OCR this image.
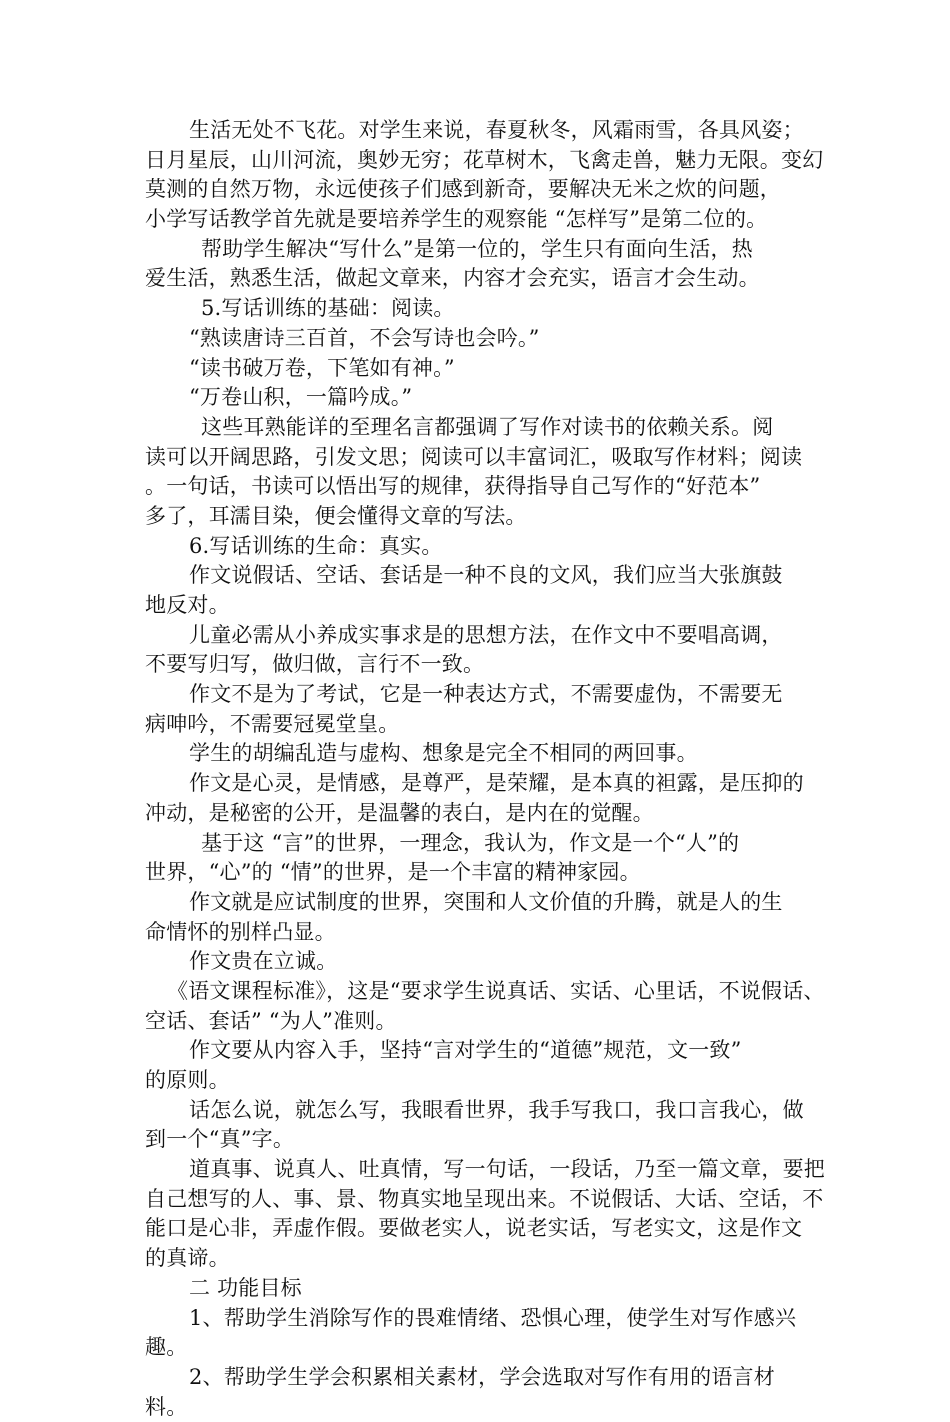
生活无处不飞花。对学生来说，春夏秋冬，风霜雨雪，各具风姿；
日月星辰，山川河流，奥妙无穷；花草树木，飞禽走兽，魅力无限。变幻
莫测的自然万物，永远使孩子们感到新奇，要解决无米之炊的问题，
小学写话教学首先就是要培养学生的观察能 “怎样写”是第二位的。
帮助学生解决“写什么”是第一位的，学生只有面向生活，热
爱生活，熟悉生活，做起文章来，内容才会充实，语言才会生动。
5.写话训练的基础：阅读。
“熟读唐诗三百首，不会写诗也会吟。”
“读书破万卷，下笔如有神。”
“万卷山积，一篇吟成。”
这些耳熟能详的至理名言都强调了写作对读书的依赖关系。阅
读可以开阔思路，引发文思；阅读可以丰富词汇，吸取写作材料；阅读
。一句话，书读可以悟出写的规律，获得指导自己写作的“好范本”
多了，耳濡目染，便会懂得文章的写法。
6.写话训练的生命：真实。
作文说假话、空话、套话是一种不良的文风，我们应当大张旗鼓
地反对。
儿童必需从小养成实事求是的思想方法，在作文中不要唱高调，
不要写归写，做归做，言行不一致。
作文不是为了考试，它是一种表达方式，不需要虚伪，不需要无
病呻吟，不需要冠冕堂皇。
学生的胡编乱造与虚构、想象是完全不相同的两回事。
作文是心灵，是情感，是尊严，是荣耀，是本真的袒露，是压抑的
冲动，是秘密的公开，是温馨的表白，是内在的觉醒。
基于这 “言”的世界，一理念，我认为，作文是一个“人”的
世界，“心”的 “情”的世界，是一个丰富的精神家园。
作文就是应试制度的世界，突围和人文价值的升腾，就是人的生
命情怀的别样凸显。
作文贵在立诚。
《语文课程标准》，这是“要求学生说真话、实话、心里话，不说假话、
空话、套话” “为人”准则。
作文要从内容入手，坚持“言对学生的“道德”规范，文一致”
的原则。
话怎么说，就怎么写，我眼看世界，我手写我口，我口言我心，做
到一个“真”字。
道真事、说真人、吐真情，写一句话，一段话，乃至一篇文章，要把
自己想写的人、事、景、物真实地呈现出来。不说假话、大话、空话，不
能口是心非，弄虚作假。要做老实人，说老实话，写老实文，这是作文
的真谛。
二 功能目标
1、帮助学生消除写作的畏难情绪、恐惧心理，使学生对写作感兴
趣。
2、帮助学生学会积累相关素材，学会选取对写作有用的语言材
料。
